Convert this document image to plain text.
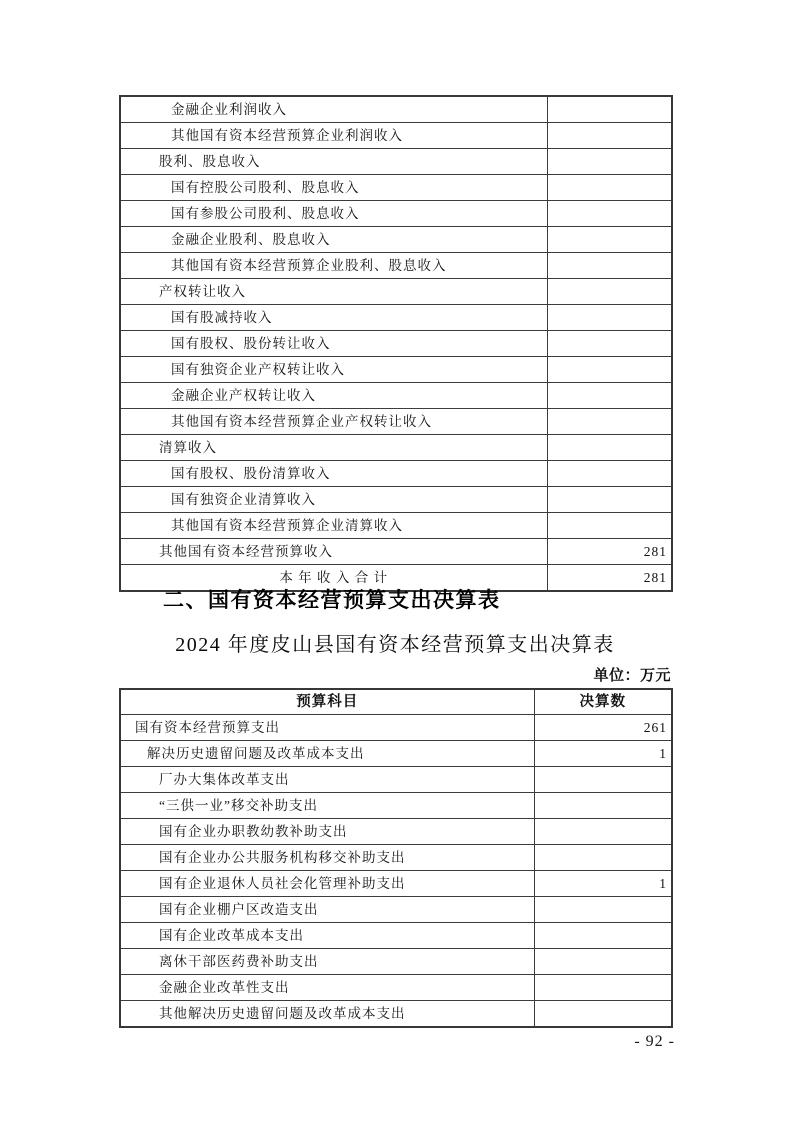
金融企业利润收入	
其他国有资本经营预算企业利润收入	
股利、股息收入	
国有控股公司股利、股息收入	
国有参股公司股利、股息收入	
金融企业股利、股息收入	
其他国有资本经营预算企业股利、股息收入	
产权转让收入	
国有股减持收入	
国有股权、股份转让收入	
国有独资企业产权转让收入	
金融企业产权转让收入	
其他国有资本经营预算企业产权转让收入	
清算收入	
国有股权、股份清算收入	
国有独资企业清算收入	
其他国有资本经营预算企业清算收入	
其他国有资本经营预算收入	281
本 年 收 入 合 计	281
二、国有资本经营预算支出决算表
2024 年度皮山县国有资本经营预算支出决算表
单位：万元
预算科目	决算数
国有资本经营预算支出	261
解决历史遗留问题及改革成本支出	1
厂办大集体改革支出	
“三供一业”移交补助支出	
国有企业办职教幼教补助支出	
国有企业办公共服务机构移交补助支出	
国有企业退休人员社会化管理补助支出	1
国有企业棚户区改造支出	
国有企业改革成本支出	
离休干部医药费补助支出	
金融企业改革性支出	
其他解决历史遗留问题及改革成本支出	
- 92 -
